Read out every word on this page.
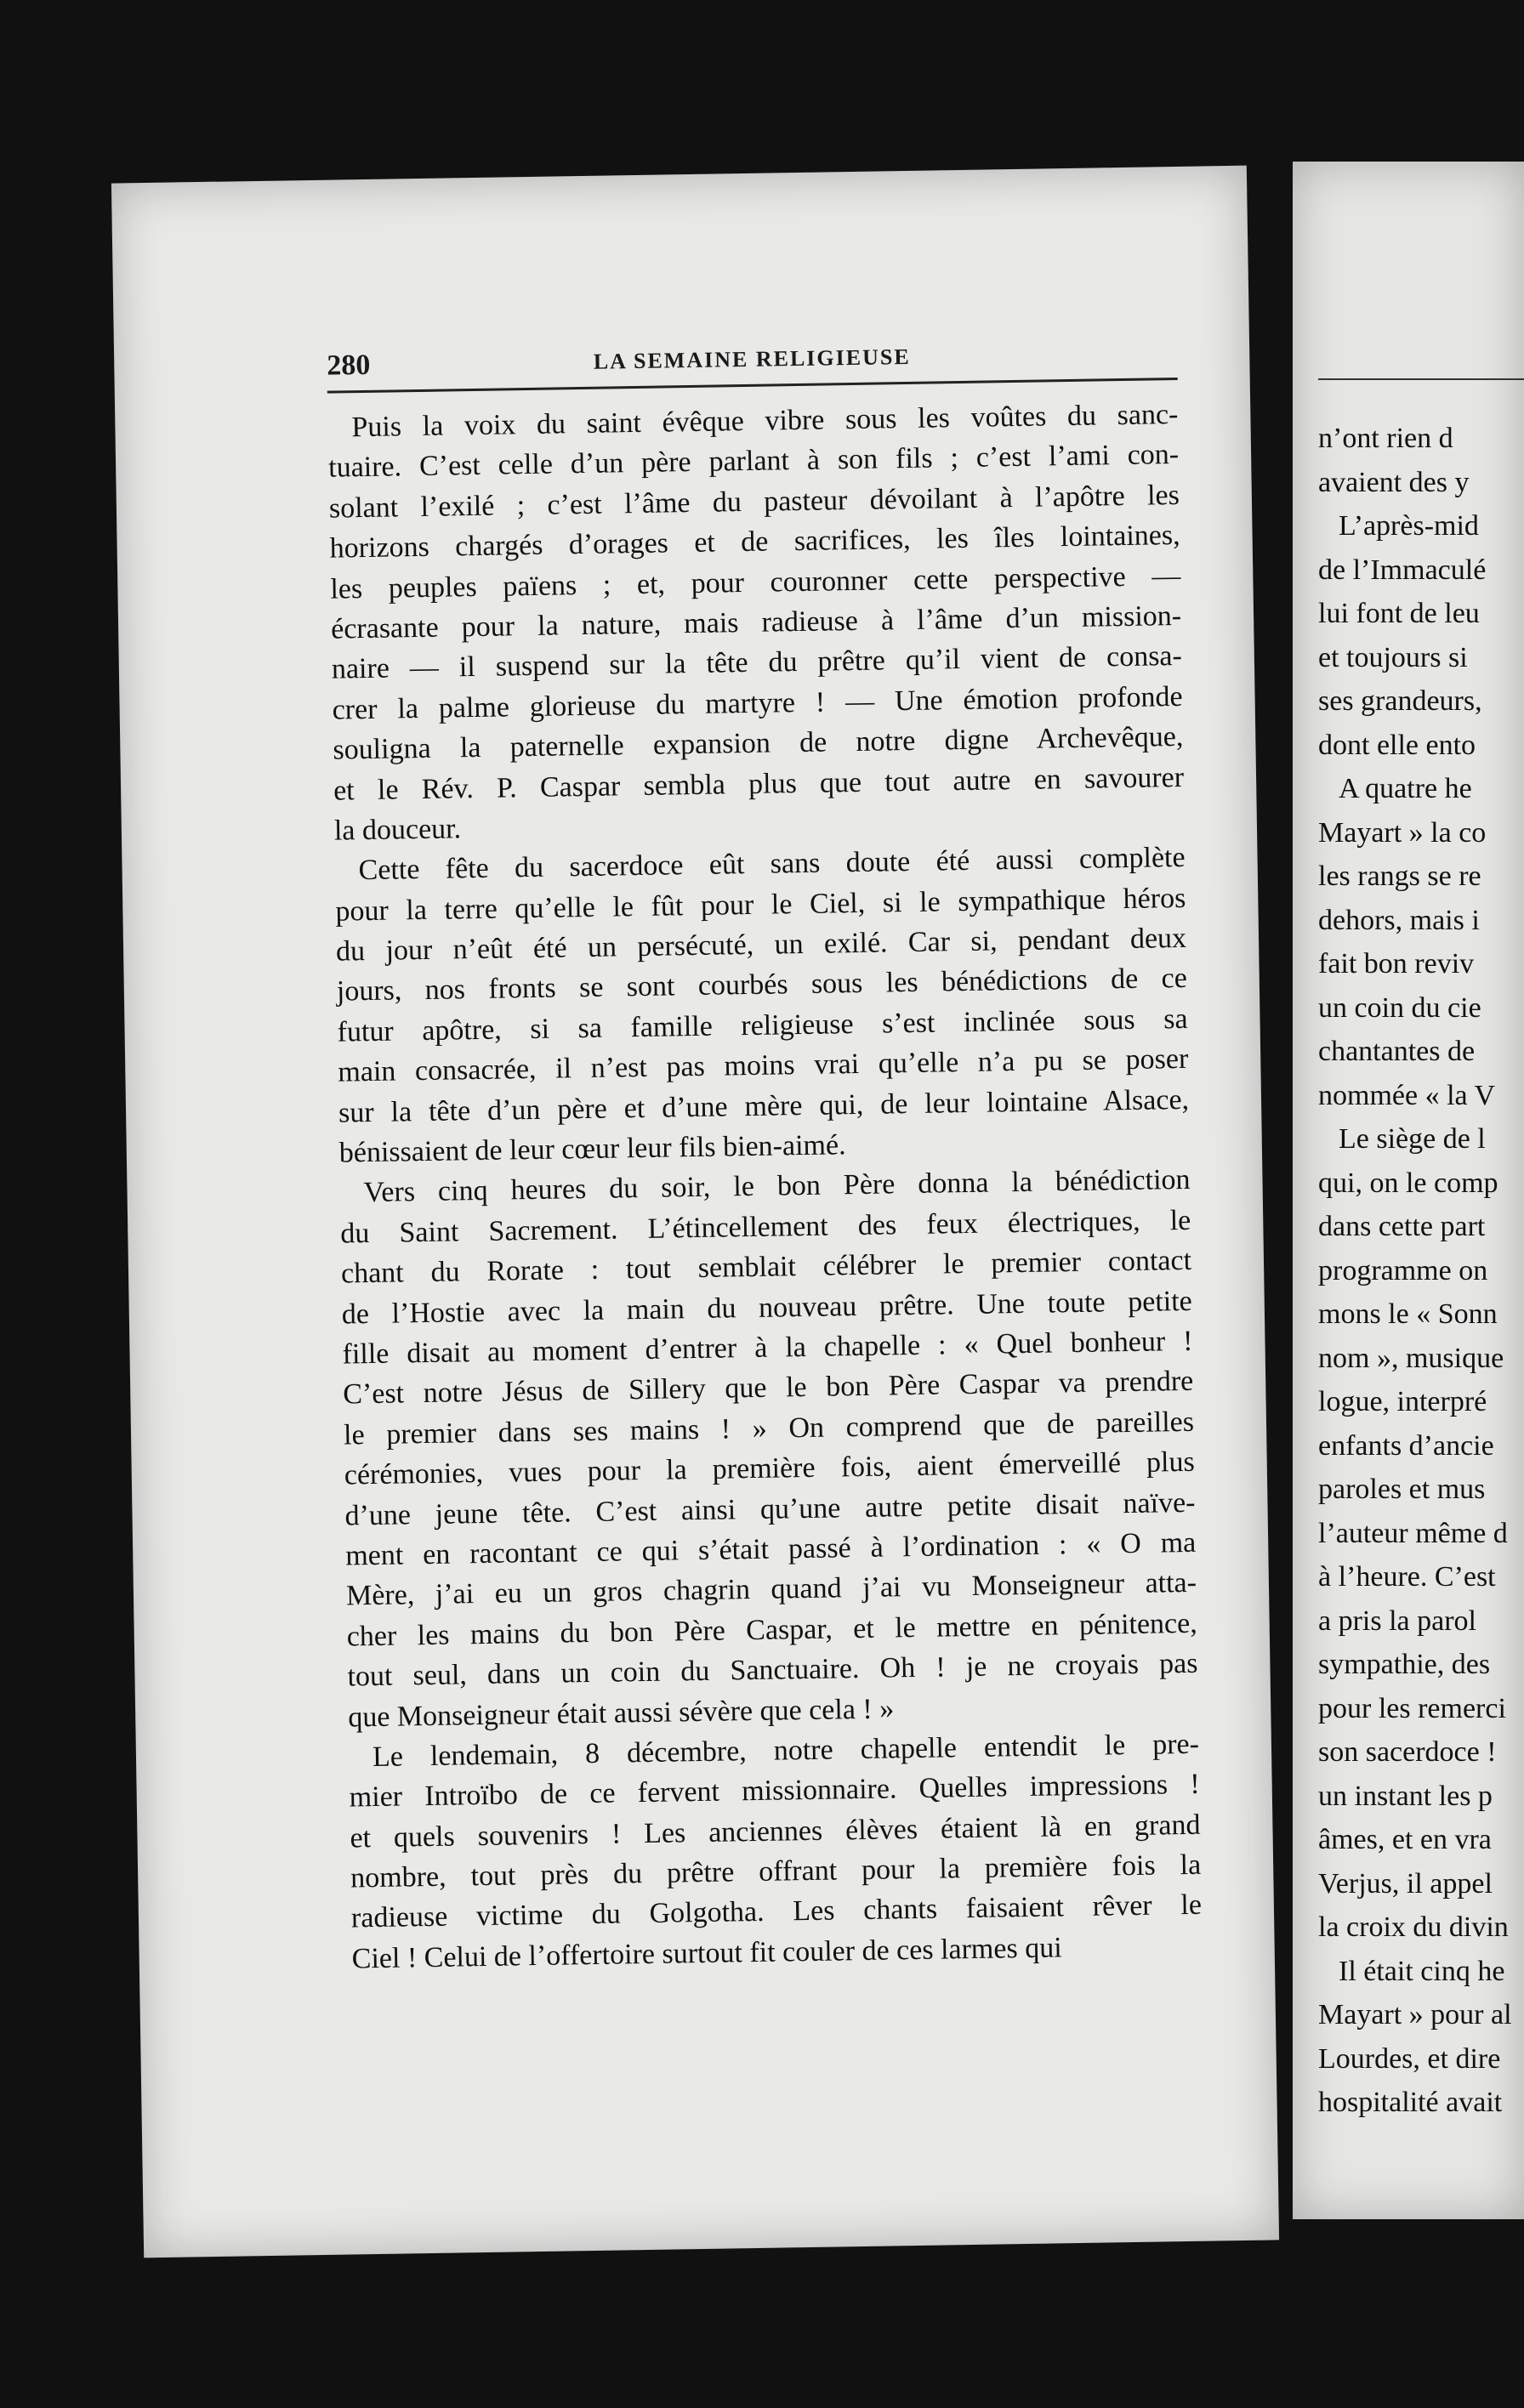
280	LA SEMAINE RELIGIEUSE
Puis la voix du saint évêque vibre sous les voûtes du sanc-
tuaire. C’est celle d’un père parlant à son fils ; c’est l’ami con-
solant l’exilé ; c’est l’âme du pasteur dévoilant à l’apôtre les
horizons chargés d’orages et de sacrifices, les îles lointaines,
les peuples païens ; et, pour couronner cette perspective —
écrasante pour la nature, mais radieuse à l’âme d’un mission-
naire — il suspend sur la tête du prêtre qu’il vient de consa-
crer la palme glorieuse du martyre ! — Une émotion profonde
souligna la paternelle expansion de notre digne Archevêque,
et le Rév. P. Caspar sembla plus que tout autre en savourer
la douceur.
Cette fête du sacerdoce eût sans doute été aussi complète
pour la terre qu’elle le fût pour le Ciel, si le sympathique héros
du jour n’eût été un persécuté, un exilé. Car si, pendant deux
jours, nos fronts se sont courbés sous les bénédictions de ce
futur apôtre, si sa famille religieuse s’est inclinée sous sa
main consacrée, il n’est pas moins vrai qu’elle n’a pu se poser
sur la tête d’un père et d’une mère qui, de leur lointaine Alsace,
bénissaient de leur cœur leur fils bien-aimé.
Vers cinq heures du soir, le bon Père donna la bénédiction
du Saint Sacrement. L’étincellement des feux électriques, le
chant du Rorate : tout semblait célébrer le premier contact
de l’Hostie avec la main du nouveau prêtre. Une toute petite
fille disait au moment d’entrer à la chapelle : « Quel bonheur !
C’est notre Jésus de Sillery que le bon Père Caspar va prendre
le premier dans ses mains ! » On comprend que de pareilles
cérémonies, vues pour la première fois, aient émerveillé plus
d’une jeune tête. C’est ainsi qu’une autre petite disait naïve-
ment en racontant ce qui s’était passé à l’ordination : « O ma
Mère, j’ai eu un gros chagrin quand j’ai vu Monseigneur atta-
cher les mains du bon Père Caspar, et le mettre en pénitence,
tout seul, dans un coin du Sanctuaire. Oh ! je ne croyais pas
que Monseigneur était aussi sévère que cela ! »
Le lendemain, 8 décembre, notre chapelle entendit le pre-
mier Introïbo de ce fervent missionnaire. Quelles impressions !
et quels souvenirs ! Les anciennes élèves étaient là en grand
nombre, tout près du prêtre offrant pour la première fois la
radieuse victime du Golgotha. Les chants faisaient rêver le
Ciel ! Celui de l’offertoire surtout fit couler de ces larmes qui
n’ont rien d
avaient des y
L’après-mid
de l’Immaculé
lui font de leu
et toujours si
ses grandeurs,
dont elle ento
A quatre he
Mayart » la co
les rangs se re
dehors, mais i
fait bon reviv
un coin du cie
chantantes de
nommée « la V
Le siège de l
qui, on le comp
dans cette part
programme on
mons le « Sonn
nom », musique
logue, interpré
enfants d’ancie
paroles et mus
l’auteur même d
à l’heure. C’est
a pris la parol
sympathie, des
pour les remerci
son sacerdoce !
un instant les p
âmes, et en vra
Verjus, il appel
la croix du divin
Il était cinq he
Mayart » pour al
Lourdes, et dire
hospitalité avait
